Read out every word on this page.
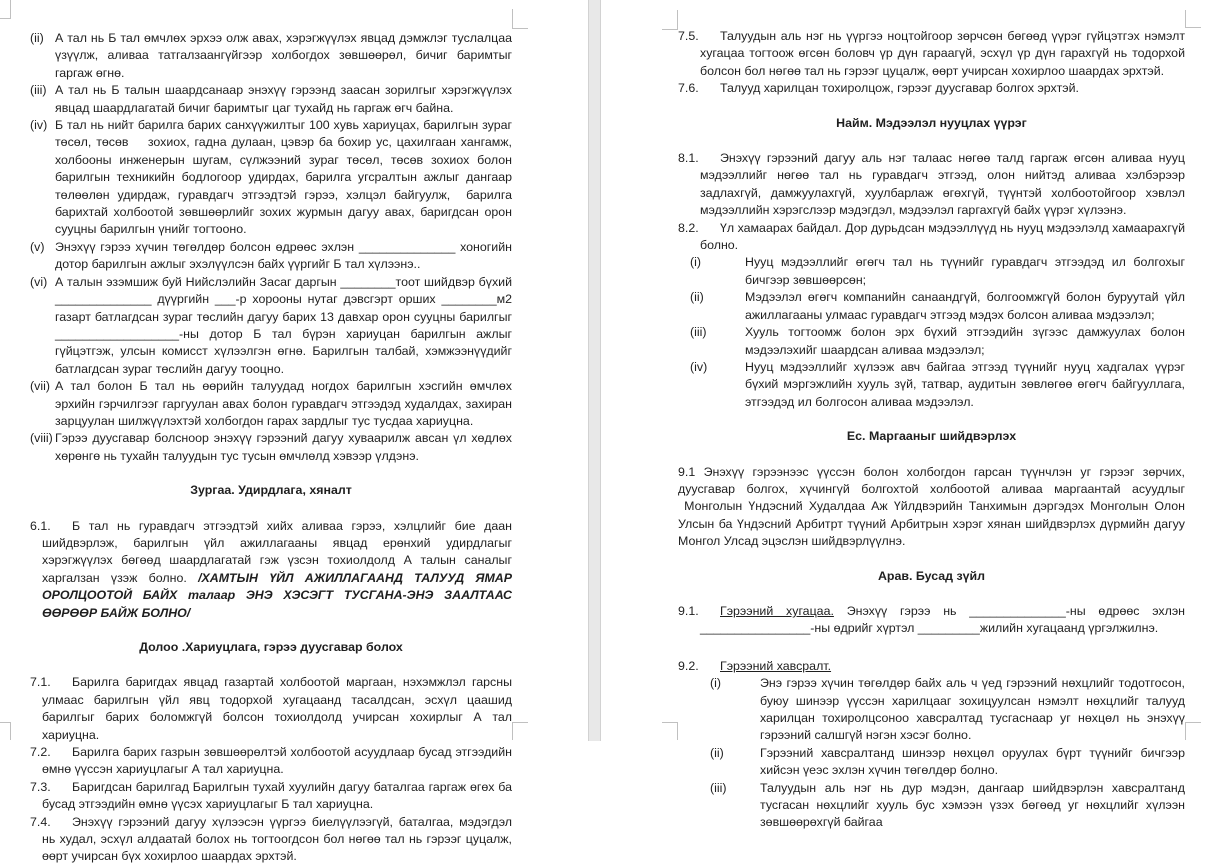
(ii) А тал нь Б тал өмчлөх эрхээ олж авах, хэрэгжүүлэх явцад дэмжлэг туслалцаа үзүүлж, аливаа татгалзаангүйгээр холбогдох зөвшөөрөл, бичиг баримтыг гаргаж өгнө.

(iii) А тал нь Б талын шаардсанаар энэхүү гэрээнд заасан зорилгыг хэрэгжүүлэх явцад шаардлагатай бичиг баримтыг цаг тухайд нь гаргаж өгч байна.

(iv) Б тал нь нийт барилга барих санхүүжилтыг 100 хувь хариуцах, барилгын зураг төсөл, төсөв    зохиох, гадна дулаан, цэвэр ба бохир ус, цахилгаан хангамж, холбооны инженерын шугам, сүлжээний зураг төсөл, төсөв зохиох болон барилгын техникийн бодлогоор удирдах, барилга угсралтын ажлыг дангаар төлөөлөн удирдаж, гуравдагч этгээдтэй гэрээ, хэлцэл байгуулж,  барилга барихтай холбоотой зөвшөөрлийг зохих журмын дагуу авах, баригдсан орон сууцны барилгын үнийг тогтооно.

(v) Энэхүү гэрээ хүчин төгөлдөр болсон өдрөөс эхлэн ______________ хоногийн дотор барилгын ажлыг эхэлүүлсэн байх үүргийг Б тал хүлээнэ..

(vi) А талын эзэмшиж буй Нийслэлийн Засаг даргын ________тоот шийдвэр бүхий ______________ дүүргийн ___-р хорооны нутаг дэвсгэрт орших ________м2 газарт батлагдсан зураг төслийн дагуу барих 13 давхар орон сууцны барилгыг __________________-ны дотор Б тал бүрэн хариуцан барилгын ажлыг гүйцэтгэж, улсын комисст хүлээлгэн өгнө. Барилгын талбай, хэмжээнүүдийг батлагдсан зураг төслийн дагуу тооцно.

(vii) А тал болон Б тал нь өөрийн талуудад ногдох барилгын хэсгийн өмчлөх эрхийн гэрчилгээг гаргуулан авах болон гуравдагч этгээдэд худалдах, захиран зарцуулан шилжүүлэхтэй холбогдон гарах зардлыг тус тусдаа хариуцна.

(viii) Гэрээ дуусгавар болсноор энэхүү гэрээний дагуу хуваарилж авсан үл хөдлөх хөрөнгө нь тухайн талуудын тус тусын өмчлөлд хэвээр үлдэнэ.

Зургаа. Удирдлага, хяналт

6.1. Б тал нь гуравдагч этгээдтэй хийх аливаа гэрээ, хэлцлийг бие даан шийдвэрлэж, барилгын үйл ажиллагааны явцад ерөнхий удирдлагыг хэрэгжүүлэх бөгөөд шаардлагатай гэж үзсэн тохиолдолд А талын саналыг харгалзан үзэж болно. /ХАМТЫН ҮЙЛ АЖИЛЛАГААНД ТАЛУУД ЯМАР ОРОЛЦООТОЙ БАЙХ талаар ЭНЭ ХЭСЭГТ ТУСГАНА-ЭНЭ ЗААЛТААС ӨӨРӨӨР БАЙЖ БОЛНО/

Долоо .Хариуцлага, гэрээ дуусгавар болох

7.1. Барилга баригдах явцад газартай холбоотой маргаан, нэхэмжлэл гарсны улмаас барилгын үйл явц тодорхой хугацаанд тасалдсан, эсхүл цаашид барилгыг барих боломжгүй болсон тохиолдолд учирсан хохирлыг А тал хариуцна.

7.2. Барилга барих газрын зөвшөөрөлтэй холбоотой асуудлаар бусад этгээдийн өмнө үүссэн хариуцлагыг А тал хариуцна.

7.3. Баригдсан барилгад Барилгын тухай хуулийн дагуу баталгаа гаргаж өгөх ба бусад этгээдийн өмнө үүсэх хариуцлагыг Б тал хариуцна.

7.4. Энэхүү гэрээний дагуу хүлээсэн үүргээ биелүүлээгүй, баталгаа, мэдэгдэл нь худал, эсхүл алдаатай болох нь тогтоогдсон бол нөгөө тал нь гэрээг цуцалж, өөрт учирсан бүх хохирлоо шаардах эрхтэй.

7.5. Талуудын аль нэг нь үүргээ ноцтойгоор зөрчсөн бөгөөд үүрэг гүйцэтгэх нэмэлт хугацаа тогтоож өгсөн боловч үр дүн гараагүй, эсхүл үр дүн гарахгүй нь тодорхой болсон бол нөгөө тал нь гэрээг цуцалж, өөрт учирсан хохирлоо шаардах эрхтэй.

7.6. Талууд харилцан тохиролцож, гэрээг дуусгавар болгох эрхтэй.

Найм. Мэдээлэл нууцлах үүрэг

8.1. Энэхүү гэрээний дагуу аль нэг талаас нөгөө талд гаргаж өгсөн аливаа нууц мэдээллийг нөгөө тал нь гуравдагч этгээд, олон нийтэд аливаа хэлбэрээр задлахгүй, дамжуулахгүй, хуулбарлаж өгөхгүй, түүнтэй холбоотойгоор хэвлэл мэдээллийн хэрэгслээр мэдэгдэл, мэдээлэл гаргахгүй байх үүрэг хүлээнэ.

8.2. Үл хамаарах байдал. Дор дурьдсан мэдээллүүд нь нууц мэдээлэлд хамаарахгүй болно.

(i)	Нууц мэдээллийг өгөгч тал нь түүнийг гуравдагч этгээдэд ил болгохыг бичгээр зөвшөөрсөн;

(ii)	Мэдээлэл өгөгч компанийн санаандгүй, болгоомжгүй болон буруутай үйл ажиллагааны улмаас гуравдагч этгээд мэдэх болсон аливаа мэдээлэл;

(iii)	Хууль тогтоомж болон эрх бүхий этгээдийн зүгээс дамжуулах болон мэдээлэхийг шаардсан аливаа мэдээлэл;

(iv)	Нууц мэдээллийг хүлээж авч байгаа этгээд түүнийг нууц хадгалах үүрэг бүхий мэргэжлийн хууль зүй, татвар, аудитын зөвлөгөө өгөгч байгууллага, этгээдэд ил болгосон аливаа мэдээлэл.

Ес. Маргааныг шийдвэрлэх

9.1 Энэхүү гэрээнээс үүссэн болон холбогдон гарсан түүнчлэн уг гэрээг зөрчих, дуусгавар болгох, хүчингүй болгохтой холбоотой аливаа маргаантай асуудлыг  Монголын Үндэсний Худалдаа Аж Үйлдвэрийн Танхимын дэргэдэх Монголын Олон Улсын ба Үндэсний Арбитрт түүний Арбитрын хэрэг хянан шийдвэрлэх дүрмийн дагуу Монгол Улсад эцэслэн шийдвэрлүүлнэ.

Арав. Бусад зүйл

9.1. Гэрээний хугацаа. Энэхүү гэрээ нь ______________-ны өдрөөс эхлэн ________________-ны өдрийг хүртэл _________жилийн хугацаанд үргэлжилнэ.

9.2. Гэрээний хавсралт.

(i)	Энэ гэрээ хүчин төгөлдөр байх аль ч үед гэрээний нөхцлийг тодотгосон, буюу шинээр үүссэн харилцааг зохицуулсан нэмэлт нөхцлийг талууд харилцан тохиролцсоноо хавсралтад тусгаснаар уг нөхцөл нь энэхүү гэрээний салшгүй нэгэн хэсэг болно.

(ii)	Гэрээний хавсралтанд шинээр нөхцөл оруулах бүрт түүнийг бичгээр хийсэн үеэс эхлэн хүчин төгөлдөр болно.

(iii)	Талуудын аль нэг нь дур мэдэн, дангаар шийдвэрлэн хавсралтанд тусгасан нөхцлийг хууль бус хэмээн үзэх бөгөөд уг нөхцлийг хүлээн зөвшөөрөхгүй байгаа
